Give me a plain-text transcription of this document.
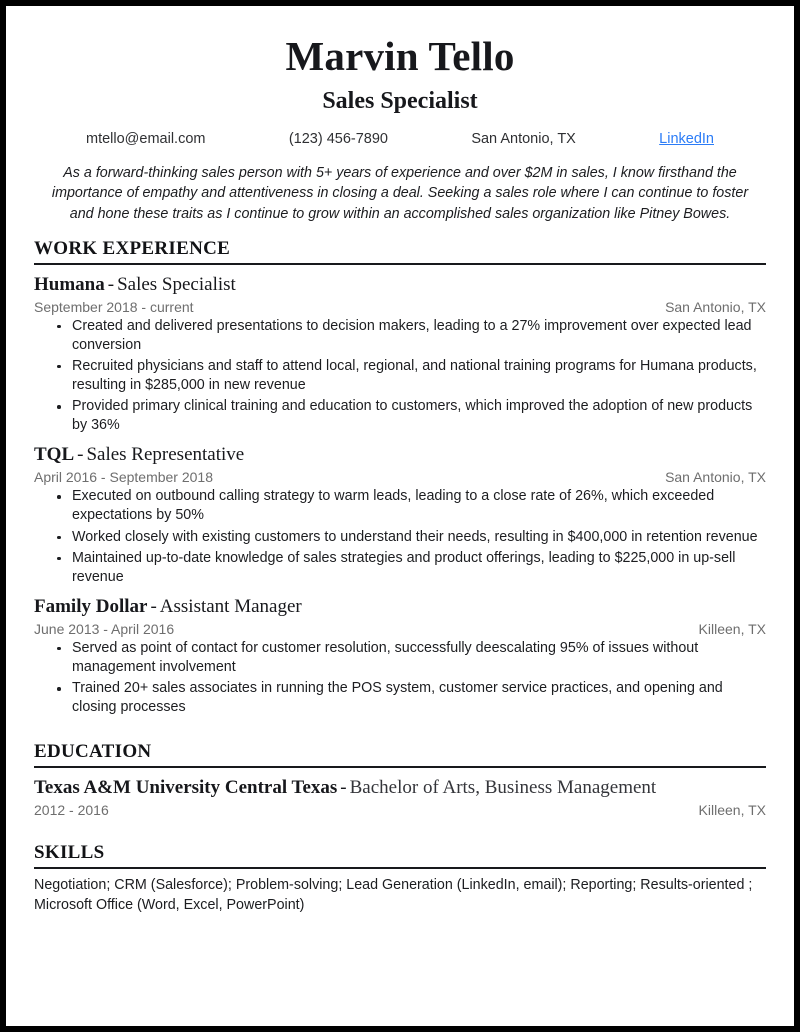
Marvin Tello
Sales Specialist
mtello@email.com	(123) 456-7890	San Antonio, TX	LinkedIn
As a forward-thinking sales person with 5+ years of experience and over $2M in sales, I know firsthand the importance of empathy and attentiveness in closing a deal. Seeking a sales role where I can continue to foster and hone these traits as I continue to grow within an accomplished sales organization like Pitney Bowes.
WORK EXPERIENCE
Humana - Sales Specialist
September 2018 - current	San Antonio, TX
Created and delivered presentations to decision makers, leading to a 27% improvement over expected lead conversion
Recruited physicians and staff to attend local, regional, and national training programs for Humana products, resulting in $285,000 in new revenue
Provided primary clinical training and education to customers, which improved the adoption of new products by 36%
TQL - Sales Representative
April 2016 - September 2018	San Antonio, TX
Executed on outbound calling strategy to warm leads, leading to a close rate of 26%, which exceeded expectations by 50%
Worked closely with existing customers to understand their needs, resulting in $400,000 in retention revenue
Maintained up-to-date knowledge of sales strategies and product offerings, leading to $225,000 in up-sell revenue
Family Dollar - Assistant Manager
June 2013 - April 2016	Killeen, TX
Served as point of contact for customer resolution, successfully deescalating 95% of issues without management involvement
Trained 20+ sales associates in running the POS system, customer service practices, and opening and closing processes
EDUCATION
Texas A&M University Central Texas - Bachelor of Arts, Business Management
2012 - 2016	Killeen, TX
SKILLS
Negotiation; CRM (Salesforce); Problem-solving; Lead Generation (LinkedIn, email); Reporting; Results-oriented ; Microsoft Office (Word, Excel, PowerPoint)
